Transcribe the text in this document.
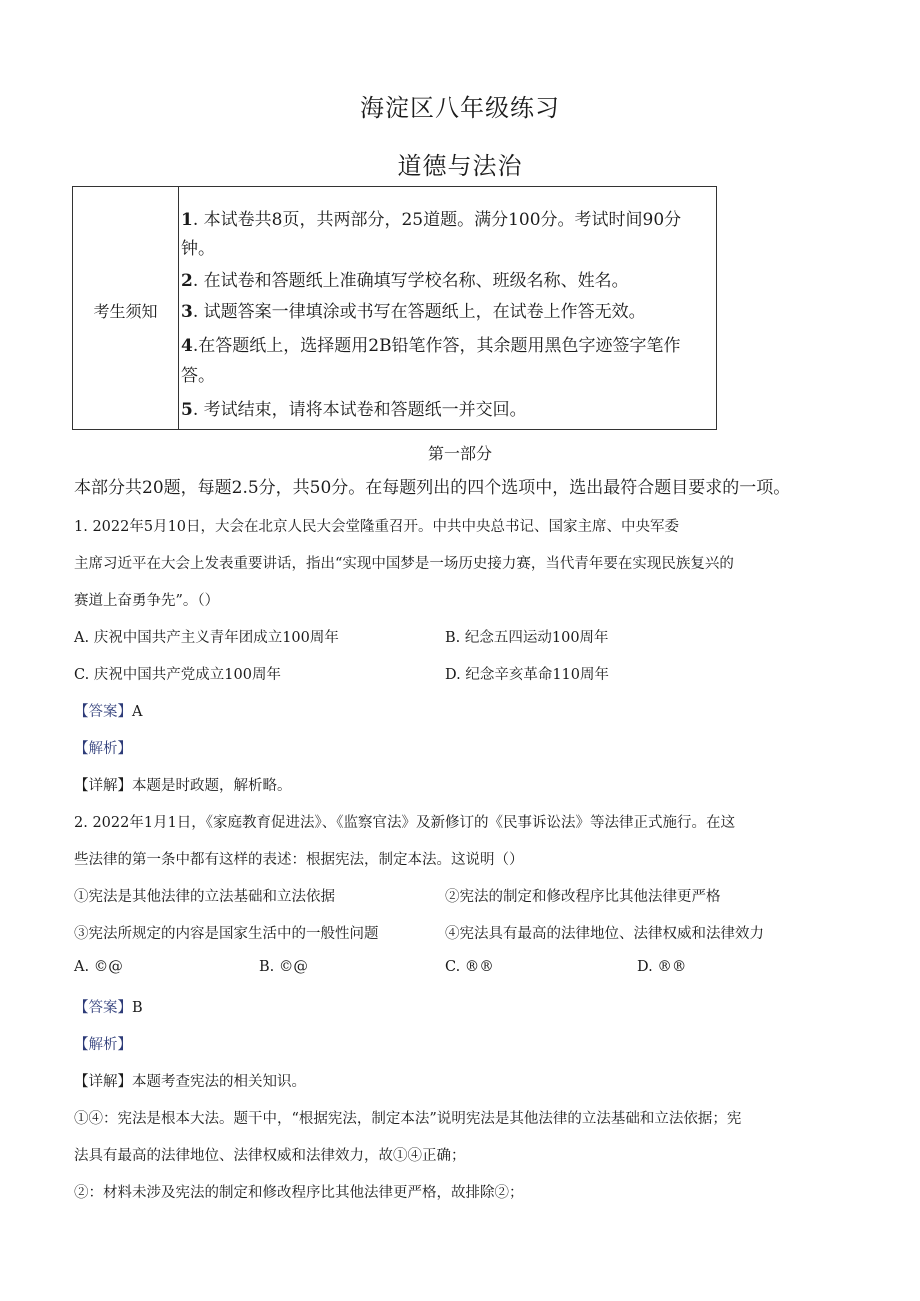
海淀区八年级练习
道德与法治
考生须知
1. 本试卷共8页，共两部分，25道题。满分100分。考试时间90分
钟。
2. 在试卷和答题纸上准确填写学校名称、班级名称、姓名。
3. 试题答案一律填涂或书写在答题纸上，在试卷上作答无效。
4.在答题纸上，选择题用2B铅笔作答，其余题用黑色字迹签字笔作
答。
5. 考试结束，请将本试卷和答题纸一并交回。
第一部分
本部分共20题，每题2.5分，共50分。在每题列出的四个选项中，选出最符合题目要求的一项。
1. 2022年5月10日，大会在北京人民大会堂隆重召开。中共中央总书记、国家主席、中央军委
主席习近平在大会上发表重要讲话，指出“实现中国梦是一场历史接力赛，当代青年要在实现民族复兴的
赛道上奋勇争先”。（）
A. 庆祝中国共产主义青年团成立100周年	B. 纪念五四运动100周年
C. 庆祝中国共产党成立100周年	D. 纪念辛亥革命110周年
【答案】A
【解析】
【详解】本题是时政题，解析略。
2. 2022年1月1日，《家庭教育促进法》、《监察官法》及新修订的《民事诉讼法》等法律正式施行。在这
些法律的第一条中都有这样的表述：根据宪法，制定本法。这说明（）
①宪法是其他法律的立法基础和立法依据	②宪法的制定和修改程序比其他法律更严格
③宪法所规定的内容是国家生活中的一般性问题	④宪法具有最高的法律地位、法律权威和法律效力
A. ©@	B. ©@	C. ®®	D. ®®
【答案】B
【解析】
【详解】本题考查宪法的相关知识。
①④：宪法是根本大法。题干中，“根据宪法，制定本法”说明宪法是其他法律的立法基础和立法依据；宪
法具有最高的法律地位、法律权威和法律效力，故①④正确；
②：材料未涉及宪法的制定和修改程序比其他法律更严格，故排除②；
